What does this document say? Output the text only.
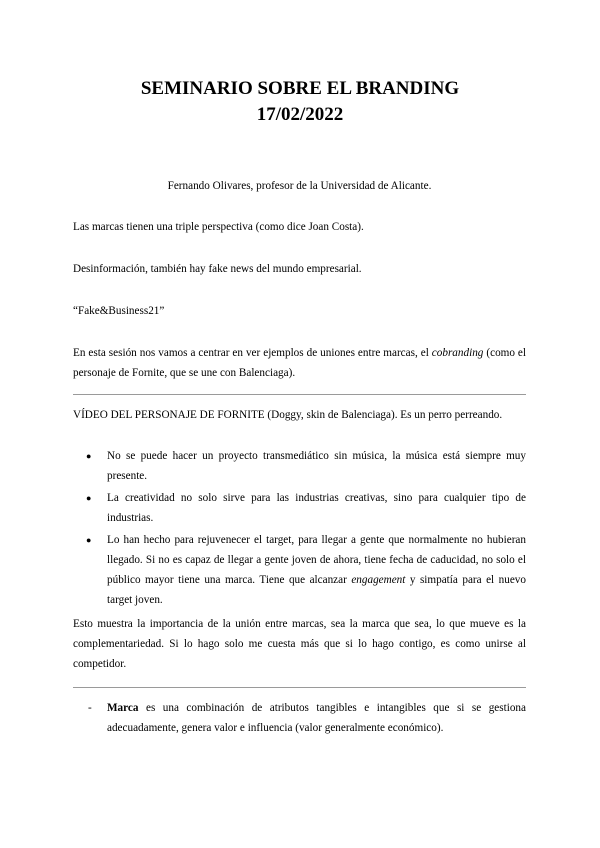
SEMINARIO SOBRE EL BRANDING
17/02/2022
Fernando Olivares, profesor de la Universidad de Alicante.
Las marcas tienen una triple perspectiva (como dice Joan Costa).
Desinformación, también hay fake news del mundo empresarial.
“Fake&Business21”
En esta sesión nos vamos a centrar en ver ejemplos de uniones entre marcas, el cobranding (como el personaje de Fornite, que se une con Balenciaga).
VÍDEO DEL PERSONAJE DE FORNITE (Doggy, skin de Balenciaga). Es un perro perreando.
● No se puede hacer un proyecto transmediático sin música, la música está siempre muy presente.
● La creatividad no solo sirve para las industrias creativas, sino para cualquier tipo de industrias.
● Lo han hecho para rejuvenecer el target, para llegar a gente que normalmente no hubieran llegado. Si no es capaz de llegar a gente joven de ahora, tiene fecha de caducidad, no solo el público mayor tiene una marca. Tiene que alcanzar engagement y simpatía para el nuevo target joven.
Esto muestra la importancia de la unión entre marcas, sea la marca que sea, lo que mueve es la complementariedad. Si lo hago solo me cuesta más que si lo hago contigo, es como unirse al competidor.
- Marca es una combinación de atributos tangibles e intangibles que si se gestiona adecuadamente, genera valor e influencia (valor generalmente económico).
